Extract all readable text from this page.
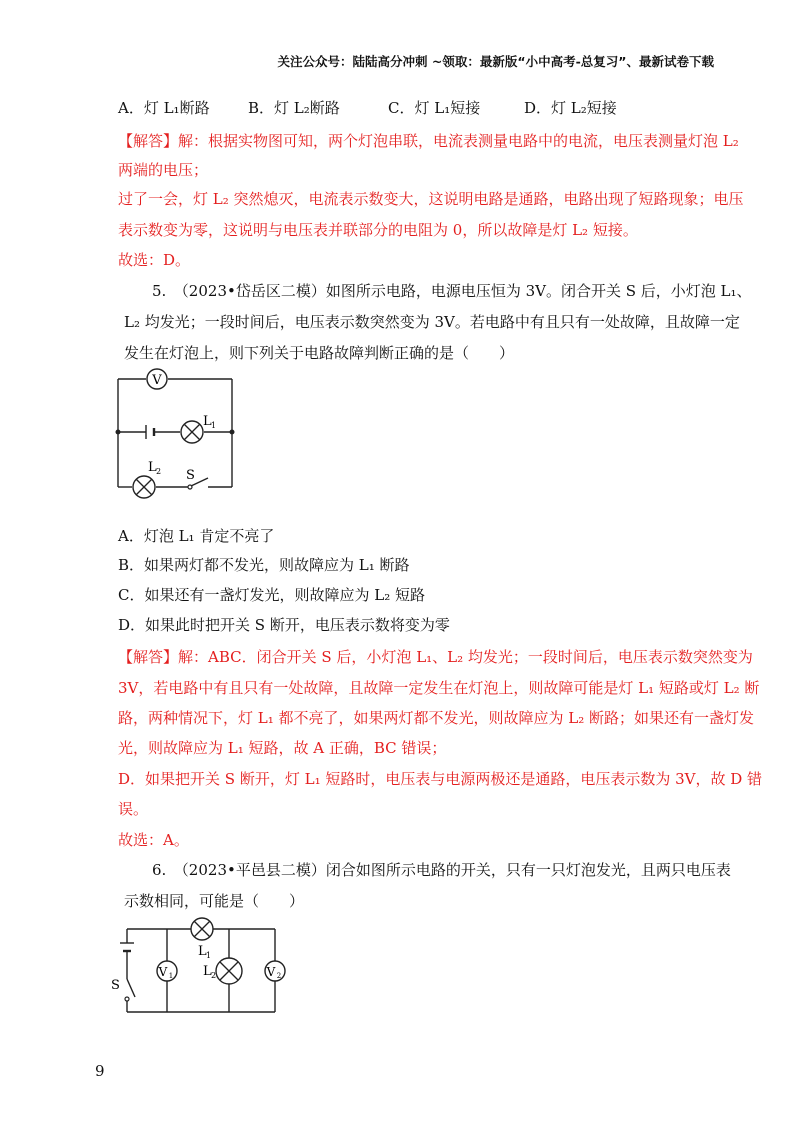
关注公众号：陆陆高分冲刺 ~领取：最新版“小中高考-总复习”、最新试卷下载
A．灯 L₁断路	B．灯 L₂断路	C．灯 L₁短接	D．灯 L₂短接
【解答】解：根据实物图可知，两个灯泡串联，电流表测量电路中的电流，电压表测量灯泡 L₂
两端的电压；
过了一会，灯 L₂ 突然熄灭，电流表示数变大，这说明电路是通路，电路出现了短路现象；电压
表示数变为零，这说明与电压表并联部分的电阻为 0，所以故障是灯 L₂ 短接。
故选：D。
5.　（2023•岱岳区二模）如图所示电路，电源电压恒为 3V。闭合开关 S 后，小灯泡 L₁、
L₂ 均发光；一段时间后，电压表示数突然变为 3V。若电路中有且只有一处故障，且故障一定
发生在灯泡上，则下列关于电路故障判断正确的是（　　）
V
L 1
L 2 S
A．灯泡 L₁ 肯定不亮了
B．如果两灯都不发光，则故障应为 L₁ 断路
C．如果还有一盏灯发光，则故障应为 L₂ 短路
D．如果此时把开关 S 断开，电压表示数将变为零
【解答】解：ABC．闭合开关 S 后，小灯泡 L₁、L₂ 均发光；一段时间后，电压表示数突然变为
3V，若电路中有且只有一处故障，且故障一定发生在灯泡上，则故障可能是灯 L₁ 短路或灯 L₂ 断
路，两种情况下，灯 L₁ 都不亮了，如果两灯都不发光，则故障应为 L₂ 断路；如果还有一盏灯发
光，则故障应为 L₁ 短路，故 A 正确，BC 错误；
D．如果把开关 S 断开，灯 L₁ 短路时，电压表与电源两极还是通路，电压表示数为 3V，故 D 错
误。
故选：A。
6.　（2023•平邑县二模）闭合如图所示电路的开关，只有一只灯泡发光，且两只电压表
示数相同，可能是（　　）
S
L 1
V 1 L 2	V 2
9
